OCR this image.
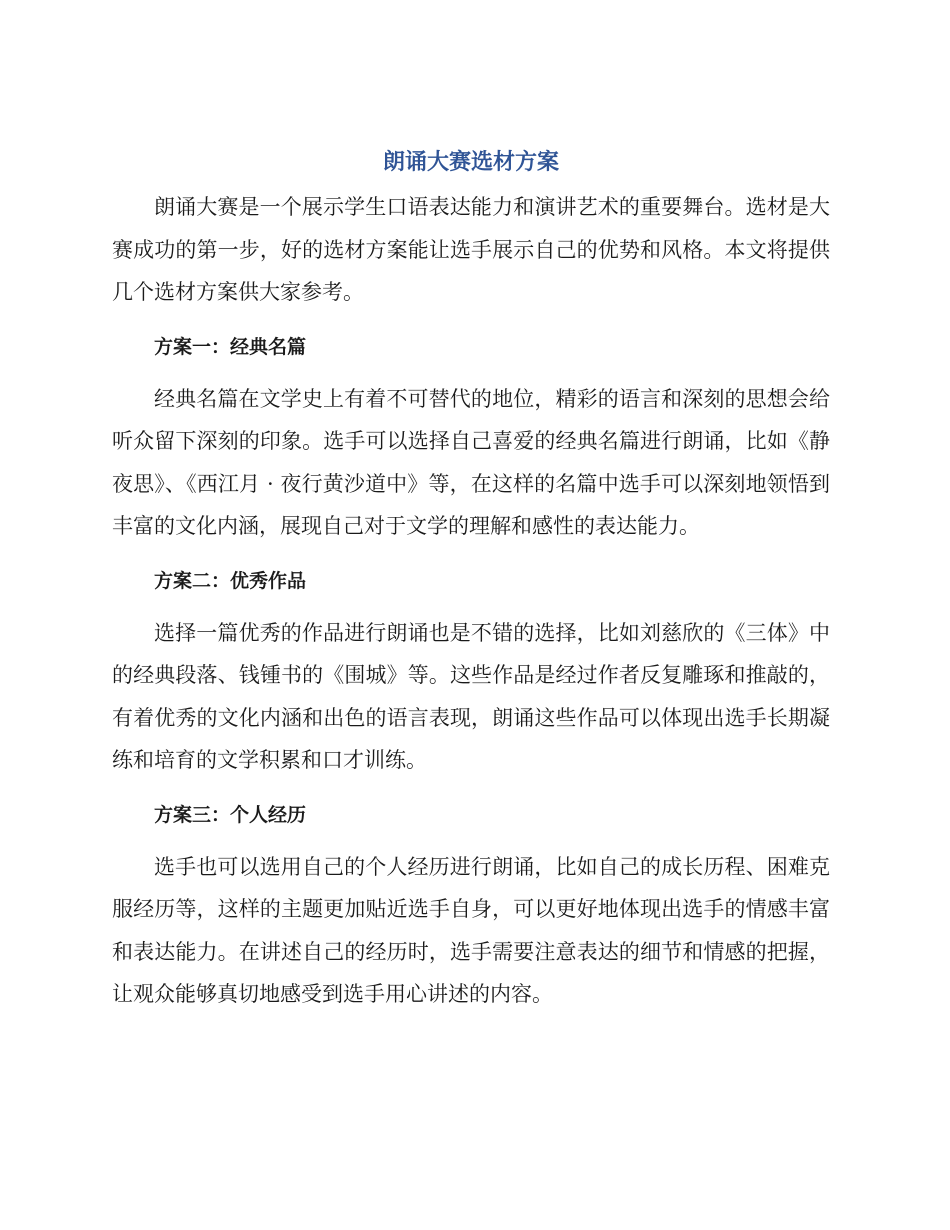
朗诵大赛选材方案

朗诵大赛是一个展示学生口语表达能力和演讲艺术的重要舞台。选材是大赛成功的第一步，好的选材方案能让选手展示自己的优势和风格。本文将提供几个选材方案供大家参考。

方案一：经典名篇

经典名篇在文学史上有着不可替代的地位，精彩的语言和深刻的思想会给听众留下深刻的印象。选手可以选择自己喜爱的经典名篇进行朗诵，比如《静夜思》、《西江月 · 夜行黄沙道中》等，在这样的名篇中选手可以深刻地领悟到丰富的文化内涵，展现自己对于文学的理解和感性的表达能力。

方案二：优秀作品

选择一篇优秀的作品进行朗诵也是不错的选择，比如刘慈欣的《三体》中的经典段落、钱锺书的《围城》等。这些作品是经过作者反复雕琢和推敲的，有着优秀的文化内涵和出色的语言表现，朗诵这些作品可以体现出选手长期凝练和培育的文学积累和口才训练。

方案三：个人经历

选手也可以选用自己的个人经历进行朗诵，比如自己的成长历程、困难克服经历等，这样的主题更加贴近选手自身，可以更好地体现出选手的情感丰富和表达能力。在讲述自己的经历时，选手需要注意表达的细节和情感的把握，让观众能够真切地感受到选手用心讲述的内容。
